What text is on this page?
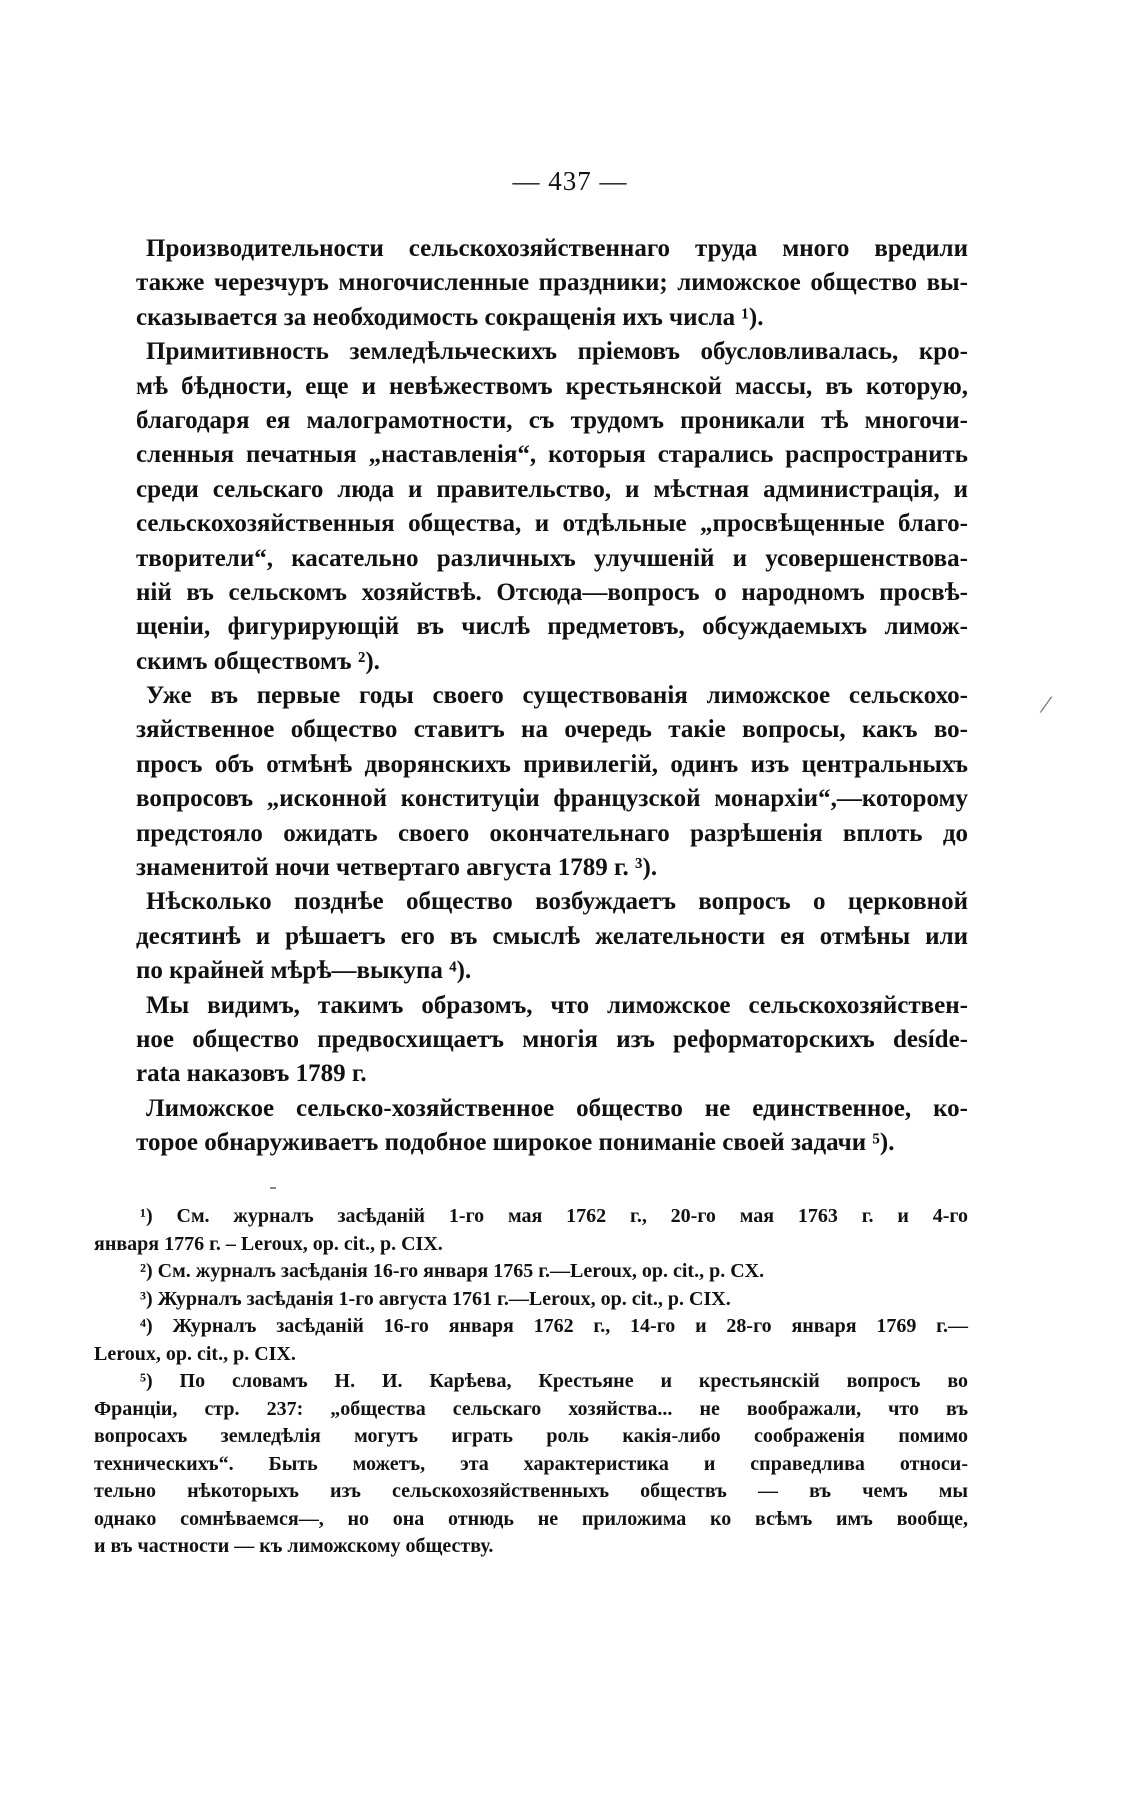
— 437 —
Производительности сельскохозяйственнаго труда много вредили
также черезчуръ многочисленные праздники; лиможское общество вы-
сказывается за необходимость сокращенія ихъ числа ¹).
Примитивность земледѣльческихъ пріемовъ обусловливалась, кро-
мѣ бѣдности, еще и невѣжествомъ крестьянской массы, въ которую,
благодаря ея малограмотности, съ трудомъ проникали тѣ многочи-
сленныя печатныя „наставленія“, которыя старались распространить
среди сельскаго люда и правительство, и мѣстная администрація, и
сельскохозяйственныя общества, и отдѣльные „просвѣщенные благо-
творители“, касательно различныхъ улучшеній и усовершенствова-
ній въ сельскомъ хозяйствѣ. Отсюда—вопросъ о народномъ просвѣ-
щеніи, фигурирующій въ числѣ предметовъ, обсуждаемыхъ лимож-
скимъ обществомъ ²).
Уже въ первые годы своего существованія лиможское сельскохо-
зяйственное общество ставитъ на очередь такіе вопросы, какъ во-
просъ объ отмѣнѣ дворянскихъ привилегій, одинъ изъ центральныхъ
вопросовъ „исконной конституціи французской монархіи“,—которому
предстояло ожидать своего окончательнаго разрѣшенія вплоть до
знаменитой ночи четвертаго августа 1789 г. ³).
Нѣсколько позднѣе общество возбуждаетъ вопросъ о церковной
десятинѣ и рѣшаетъ его въ смыслѣ желательности ея отмѣны или
по крайней мѣрѣ—выкупа ⁴).
Мы видимъ, такимъ образомъ, что лиможское сельскохозяйствен-
ное общество предвосхищаетъ многія изъ реформаторскихъ desíde-
rata наказовъ 1789 г.
Лиможское сельско-хозяйственное общество не единственное, ко-
торое обнаруживаетъ подобное широкое пониманіе своей задачи ⁵).
/
¹) См. журналъ засѣданій 1-го мая 1762 г., 20-го мая 1763 г. и 4-го
января 1776 г. – Leroux, op. cit., p. CIX.
²) См. журналъ засѣданія 16-го января 1765 г.—Leroux, op. cit., p. CX.
³) Журналъ засѣданія 1-го августа 1761 г.—Leroux, op. cit., p. CIX.
⁴) Журналъ засѣданій 16-го января 1762 г., 14-го и 28-го января 1769 г.—
Leroux, op. cit., p. CIX.
⁵) По словамъ Н. И. Карѣева, Крестьяне и крестьянскій вопросъ во
Франціи, стр. 237: „общества сельскаго хозяйства... не воображали, что въ
вопросахъ земледѣлія могутъ играть роль какія-либо соображенія помимо
техническихъ“. Быть можетъ, эта характеристика и справедлива относи-
тельно нѣкоторыхъ изъ сельскохозяйственныхъ обществъ — въ чемъ мы
однако сомнѣваемся—, но она отнюдь не приложима ко всѣмъ имъ вообще,
и въ частности — къ лиможскому обществу.
